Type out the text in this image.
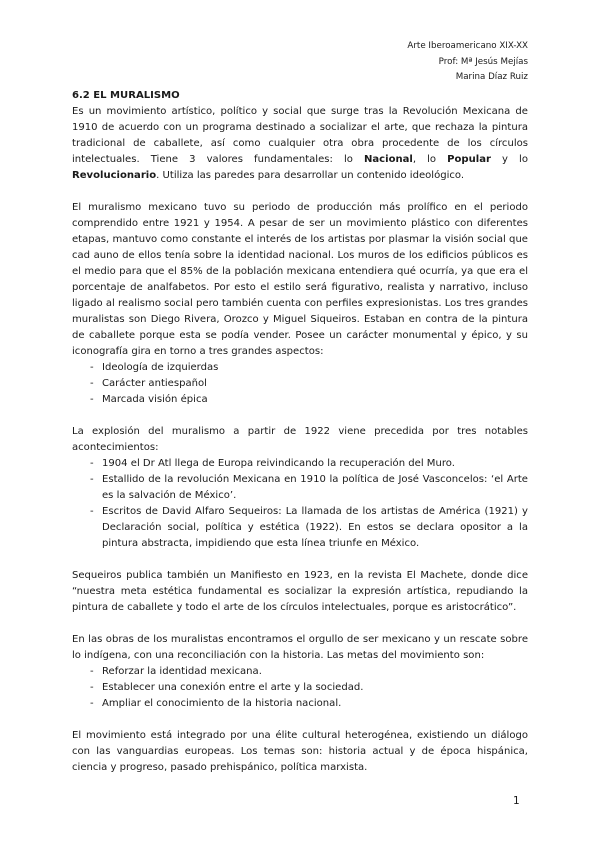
Arte Iberoamericano XIX-XX
Prof: Mª Jesús Mejías
Marina Díaz Ruiz
6.2 EL MURALISMO

Es un movimiento artístico, político y social que surge tras la Revolución Mexicana de 1910 de acuerdo con un programa destinado a socializar el arte, que rechaza la pintura tradicional de caballete, así como cualquier otra obra procedente de los círculos intelectuales. Tiene 3 valores fundamentales: lo Nacional, lo Popular y lo Revolucionario. Utiliza las paredes para desarrollar un contenido ideológico.

El muralismo mexicano tuvo su periodo de producción más prolífico en el periodo comprendido entre 1921 y 1954. A pesar de ser un movimiento plástico con diferentes etapas, mantuvo como constante el interés de los artistas por plasmar la visión social que cad auno de ellos tenía sobre la identidad nacional. Los muros de los edificios públicos es el medio para que el 85% de la población mexicana entendiera qué ocurría, ya que era el porcentaje de analfabetos. Por esto el estilo será figurativo, realista y narrativo, incluso ligado al realismo social pero también cuenta con perfiles expresionistas. Los tres grandes muralistas son Diego Rivera, Orozco y Miguel Siqueiros. Estaban en contra de la pintura de caballete porque esta se podía vender. Posee un carácter monumental y épico, y su iconografía gira en torno a tres grandes aspectos:

- Ideología de izquierdas
- Carácter antiespañol
- Marcada visión épica

La explosión del muralismo a partir de 1922 viene precedida por tres notables acontecimientos:

- 1904 el Dr Atl llega de Europa reivindicando la recuperación del Muro.
- Estallido de la revolución Mexicana en 1910 la política de José Vasconcelos: ‘el Arte es la salvación de México’.
- Escritos de David Alfaro Sequeiros: La llamada de los artistas de América (1921) y Declaración social, política y estética (1922). En estos se declara opositor a la pintura abstracta, impidiendo que esta línea triunfe en México.

Sequeiros publica también un Manifiesto en 1923, en la revista El Machete, donde dice “nuestra meta estética fundamental es socializar la expresión artística, repudiando la pintura de caballete y todo el arte de los círculos intelectuales, porque es aristocrático”.

En las obras de los muralistas encontramos el orgullo de ser mexicano y un rescate sobre lo indígena, con una reconciliación con la historia. Las metas del movimiento son:

- Reforzar la identidad mexicana.
- Establecer una conexión entre el arte y la sociedad.
- Ampliar el conocimiento de la historia nacional.

El movimiento está integrado por una élite cultural heterogénea, existiendo un diálogo con las vanguardias europeas. Los temas son: historia actual y de época hispánica, ciencia y progreso, pasado prehispánico, política marxista.

1
